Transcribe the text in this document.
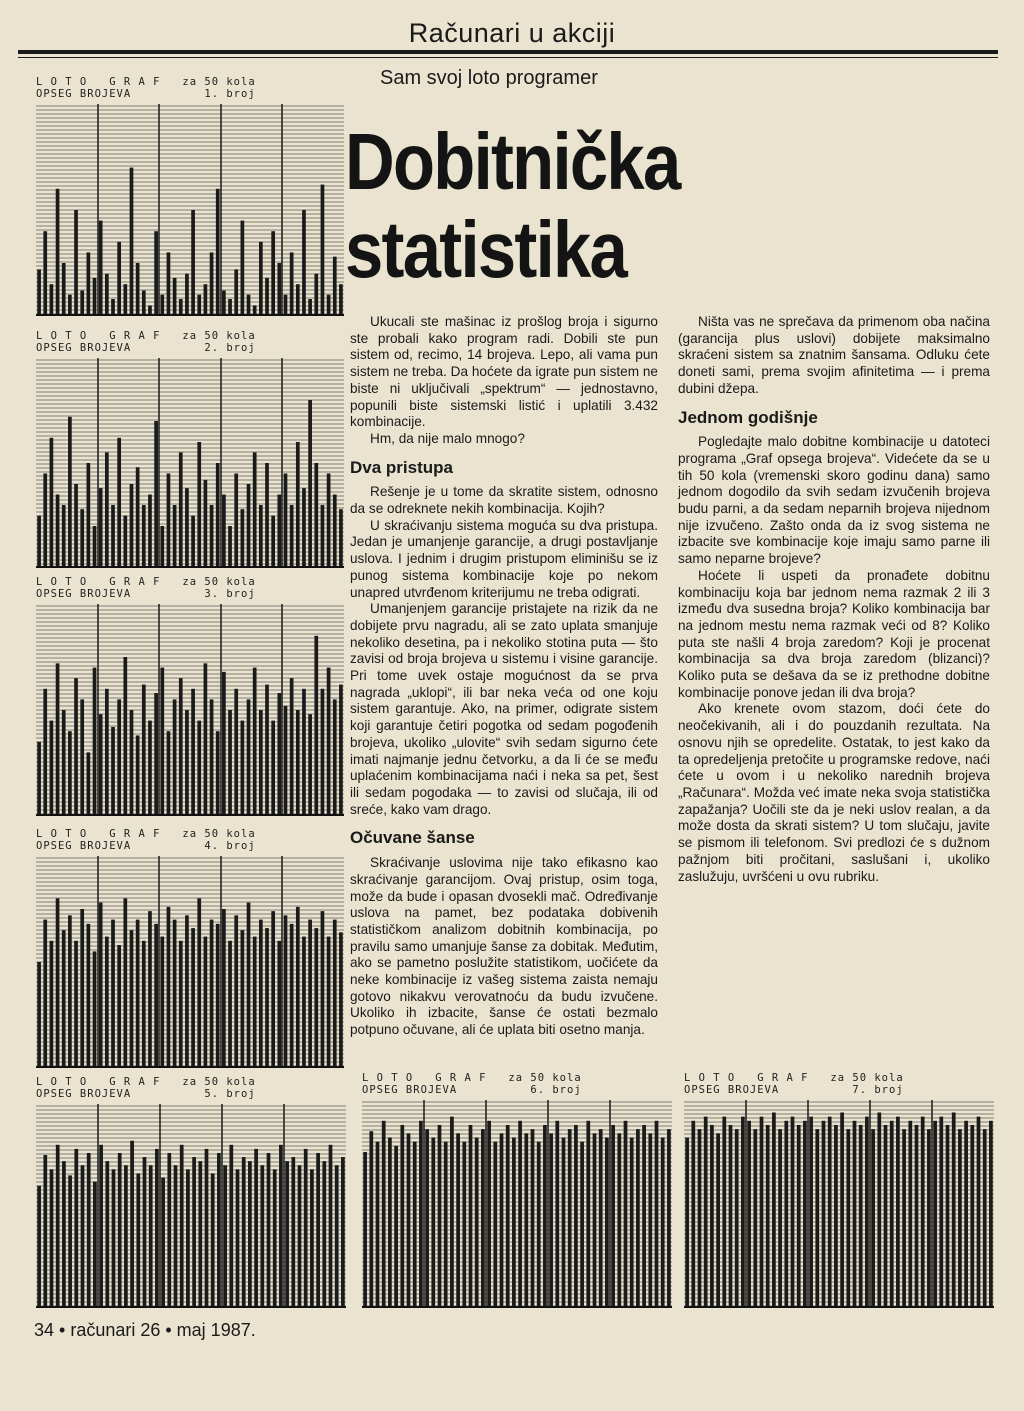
Računari u akciji
Sam svoj loto programer
Dobitnička
statistika

Ukucali ste mašinac iz prošlog broja i sigurno ste probali kako program radi. Dobili ste pun sistem od, recimo, 14 brojeva. Lepo, ali vama pun sistem ne treba. Da hoćete da igrate pun sistem ne biste ni uključivali „spektrum“ — jednostavno, popunili biste sistemski listić i uplatili 3.432 kombinacije.

Hm, da nije malo mnogo?

Dva pristupa

Rešenje je u tome da skratite sistem, odnosno da se odreknete nekih kombinacija. Kojih?

U skraćivanju sistema moguća su dva pristupa. Jedan je umanjenje garancije, a drugi postavljanje uslova. I jednim i drugim pristupom eliminišu se iz punog sistema kombinacije koje po nekom unapred utvrđenom kriterijumu ne treba odigrati.

Umanjenjem garancije pristajete na rizik da ne dobijete prvu nagradu, ali se zato uplata smanjuje nekoliko desetina, pa i nekoliko stotina puta — što zavisi od broja brojeva u sistemu i visine garancije. Pri tome uvek ostaje mogućnost da se prva nagrada „uklopi“, ili bar neka veća od one koju sistem garantuje. Ako, na primer, odigrate sistem koji garantuje četiri pogotka od sedam pogođenih brojeva, ukoliko „ulovite“ svih sedam sigurno ćete imati najmanje jednu četvorku, a da li će se među uplaćenim kombinacijama naći i neka sa pet, šest ili sedam pogodaka — to zavisi od slučaja, ili od sreće, kako vam drago.

Očuvane šanse

Skraćivanje uslovima nije tako efikasno kao skraćivanje garancijom. Ovaj pristup, osim toga, može da bude i opasan dvosekli mač. Određivanje uslova na pamet, bez podataka dobivenih statističkom analizom dobitnih kombinacija, po pravilu samo umanjuje šanse za dobitak. Međutim, ako se pametno poslužite statistikom, uočićete da neke kombinacije iz vašeg sistema zaista nemaju gotovo nikakvu verovatnoću da budu izvučene. Ukoliko ih izbacite, šanse će ostati bezmalo potpuno očuvane, ali će uplata biti osetno manja.

Ništa vas ne sprečava da primenom oba načina (garancija plus uslovi) dobijete maksimalno skraćeni sistem sa znatnim šansama. Odluku ćete doneti sami, prema svojim afinitetima — i prema dubini džepa.

Jednom godišnje

Pogledajte malo dobitne kombinacije u datoteci programa „Graf opsega brojeva“. Videćete da se u tih 50 kola (vremenski skoro godinu dana) samo jednom dogodilo da svih sedam izvučenih brojeva budu parni, a da sedam neparnih brojeva nijednom nije izvučeno. Zašto onda da iz svog sistema ne izbacite sve kombinacije koje imaju samo parne ili samo neparne brojeve?

Hoćete li uspeti da pronađete dobitnu kombinaciju koja bar jednom nema razmak 2 ili 3 između dva susedna broja? Koliko kombinacija bar na jednom mestu nema razmak veći od 8? Koliko puta ste našli 4 broja zaredom? Koji je procenat kombinacija sa dva broja zaredom (blizanci)? Koliko puta se dešava da se iz prethodne dobitne kombinacije ponove jedan ili dva broja?

Ako krenete ovom stazom, doći ćete do neočekivanih, ali i do pouzdanih rezultata. Na osnovu njih se opredelite. Ostatak, to jest kako da ta opredeljenja pretočite u programske redove, naći ćete u ovom i u nekoliko narednih brojeva „Računara“. Možda već imate neka svoja statistička zapažanja? Uočili ste da je neki uslov realan, a da može dosta da skrati sistem? U tom slučaju, javite se pismom ili telefonom. Svi predlozi će s dužnom pažnjom biti pročitani, saslušani i, ukoliko zaslužuju, uvršćeni u ovu rubriku.

L O T O   G R A F   za 50 kola
OPSEG BROJEVA          1. broj
L O T O   G R A F   za 50 kola
OPSEG BROJEVA          2. broj
L O T O   G R A F   za 50 kola
OPSEG BROJEVA          3. broj
L O T O   G R A F   za 50 kola
OPSEG BROJEVA          4. broj
L O T O   G R A F   za 50 kola
OPSEG BROJEVA          5. broj
L O T O   G R A F   za 50 kola
OPSEG BROJEVA          6. broj
L O T O   G R A F   za 50 kola
OPSEG BROJEVA          7. broj
34 • računari 26 • maj 1987.
